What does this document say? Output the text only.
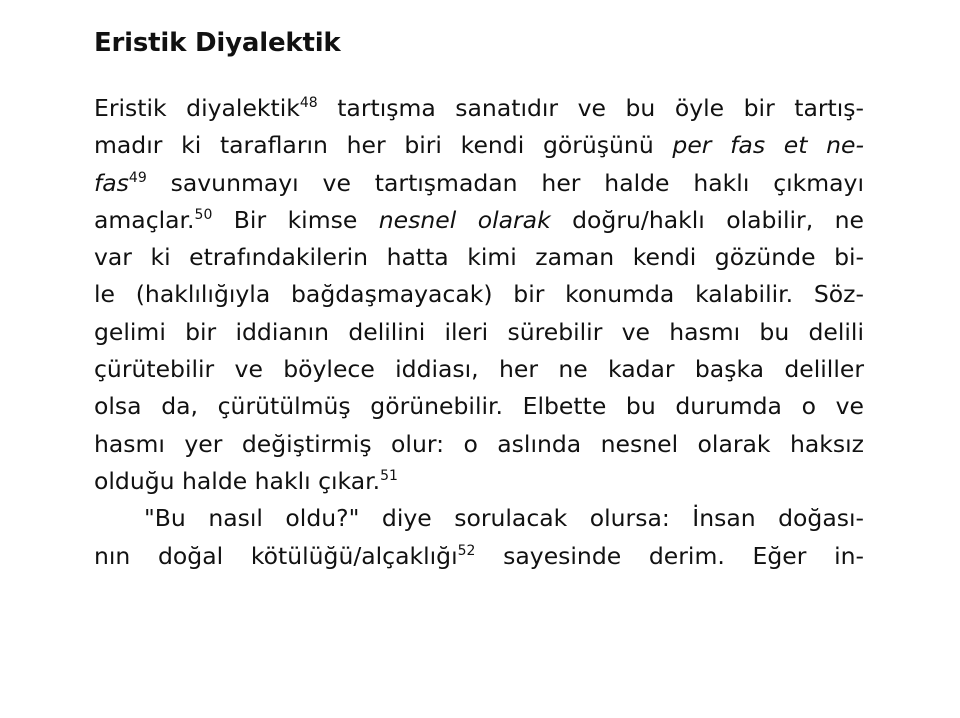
Eristik Diyalektik
Eristik diyalektik$^{48}$ tartışma sanatıdır ve bu öyle bir tartış-
madır ki tarafların her biri kendi görüşünü per fas et ne-
fas$^{49}$ savunmayı ve tartışmadan her halde haklı çıkmayı
amaçlar.$^{50}$ Bir kimse nesnel olarak doğru/haklı olabilir, ne
var ki etrafındakilerin hatta kimi zaman kendi gözünde bi-
le (haklılığıyla bağdaşmayacak) bir konumda kalabilir. Söz-
gelimi bir iddianın delilini ileri sürebilir ve hasmı bu delili
çürütebilir ve böylece iddiası, her ne kadar başka deliller
olsa da, çürütülmüş görünebilir. Elbette bu durumda o ve
hasmı yer değiştirmiş olur: o aslında nesnel olarak haksız
olduğu halde haklı çıkar.$^{51}$
"Bu nasıl oldu?" diye sorulacak olursa: İnsan doğası-
nın doğal kötülüğü/alçaklığı$^{52}$ sayesinde derim. Eğer in-
